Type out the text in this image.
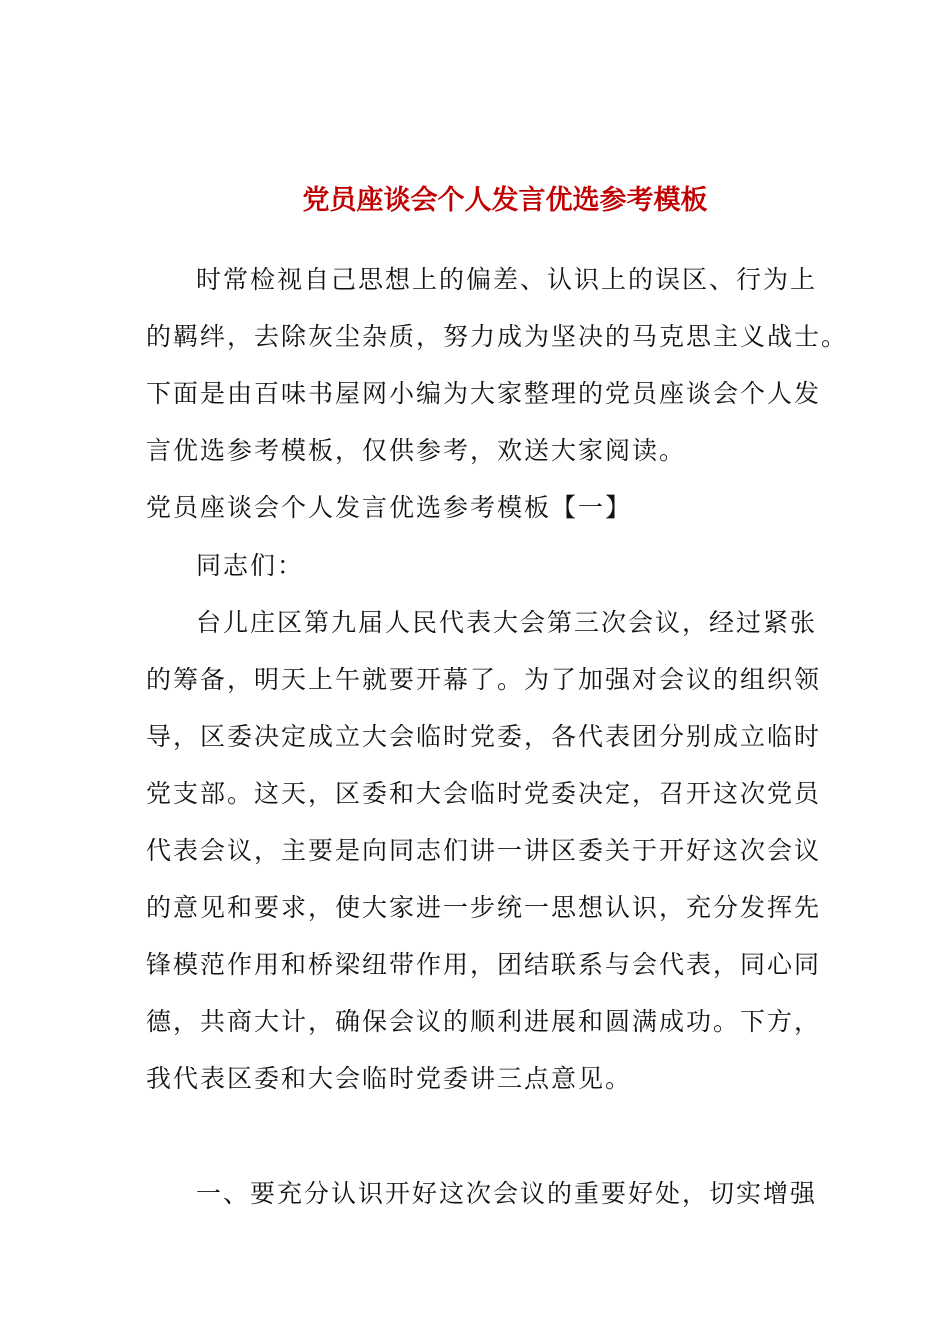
党员座谈会个人发言优选参考模板
时常检视自己思想上的偏差、认识上的误区、行为上
的羁绊，去除灰尘杂质，努力成为坚决的马克思主义战士。
下面是由百味书屋网小编为大家整理的党员座谈会个人发
言优选参考模板，仅供参考，欢送大家阅读。
党员座谈会个人发言优选参考模板【一】
同志们：
台儿庄区第九届人民代表大会第三次会议，经过紧张
的筹备，明天上午就要开幕了。为了加强对会议的组织领
导，区委决定成立大会临时党委，各代表团分别成立临时
党支部。这天，区委和大会临时党委决定，召开这次党员
代表会议，主要是向同志们讲一讲区委关于开好这次会议
的意见和要求，使大家进一步统一思想认识，充分发挥先
锋模范作用和桥梁纽带作用，团结联系与会代表，同心同
德，共商大计，确保会议的顺利进展和圆满成功。下方，
我代表区委和大会临时党委讲三点意见。
一、要充分认识开好这次会议的重要好处，切实增强
